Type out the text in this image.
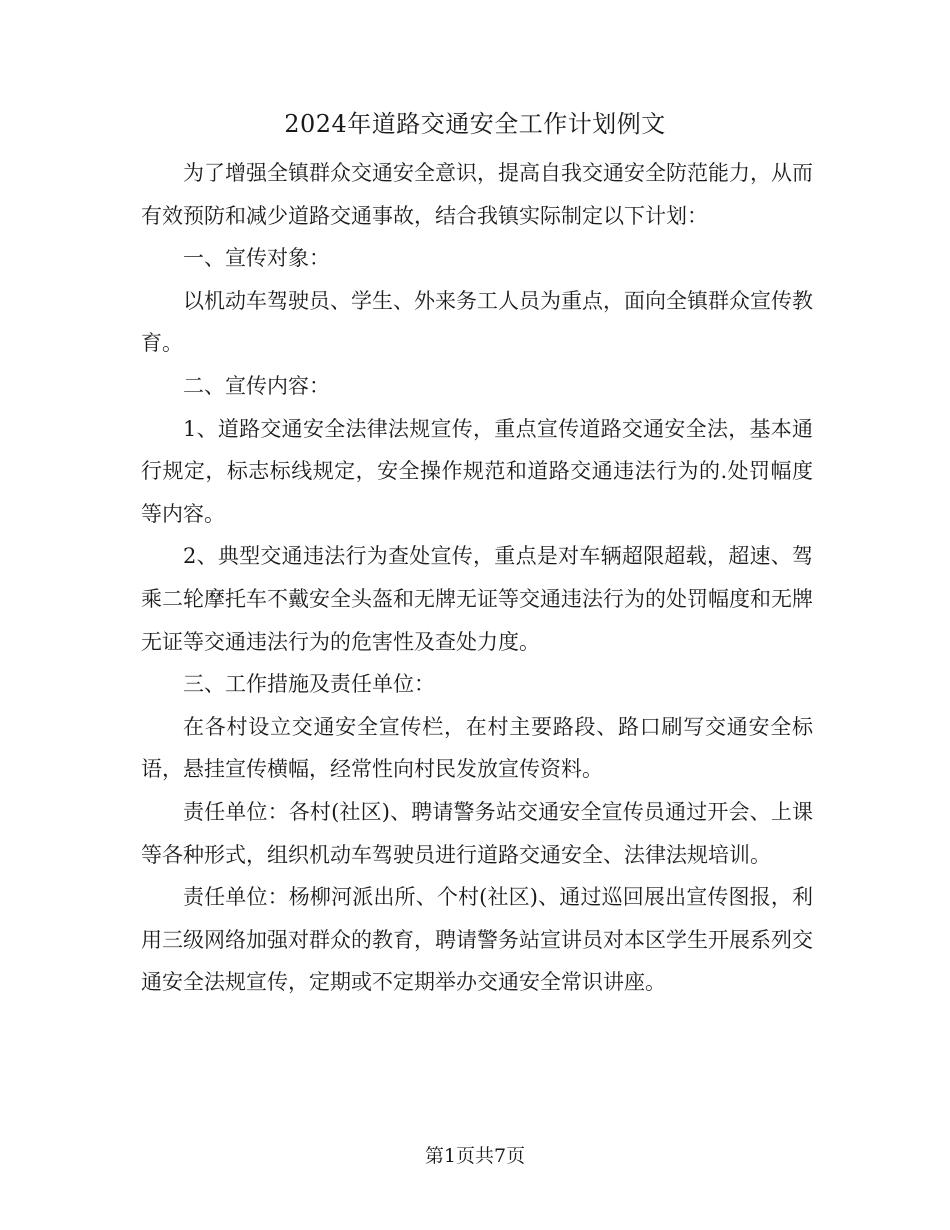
2024年道路交通安全工作计划例文

为了增强全镇群众交通安全意识，提高自我交通安全防范能力，从而有效预防和减少道路交通事故，结合我镇实际制定以下计划：

一、宣传对象：

以机动车驾驶员、学生、外来务工人员为重点，面向全镇群众宣传教育。

二、宣传内容：

1、道路交通安全法律法规宣传，重点宣传道路交通安全法，基本通行规定，标志标线规定，安全操作规范和道路交通违法行为的.处罚幅度等内容。

2、典型交通违法行为查处宣传，重点是对车辆超限超载，超速、驾乘二轮摩托车不戴安全头盔和无牌无证等交通违法行为的处罚幅度和无牌无证等交通违法行为的危害性及查处力度。

三、工作措施及责任单位：

在各村设立交通安全宣传栏，在村主要路段、路口刷写交通安全标语，悬挂宣传横幅，经常性向村民发放宣传资料。

责任单位：各村(社区)、聘请警务站交通安全宣传员通过开会、上课等各种形式，组织机动车驾驶员进行道路交通安全、法律法规培训。

责任单位：杨柳河派出所、个村(社区)、通过巡回展出宣传图报，利用三级网络加强对群众的教育，聘请警务站宣讲员对本区学生开展系列交通安全法规宣传，定期或不定期举办交通安全常识讲座。

第1页共7页
